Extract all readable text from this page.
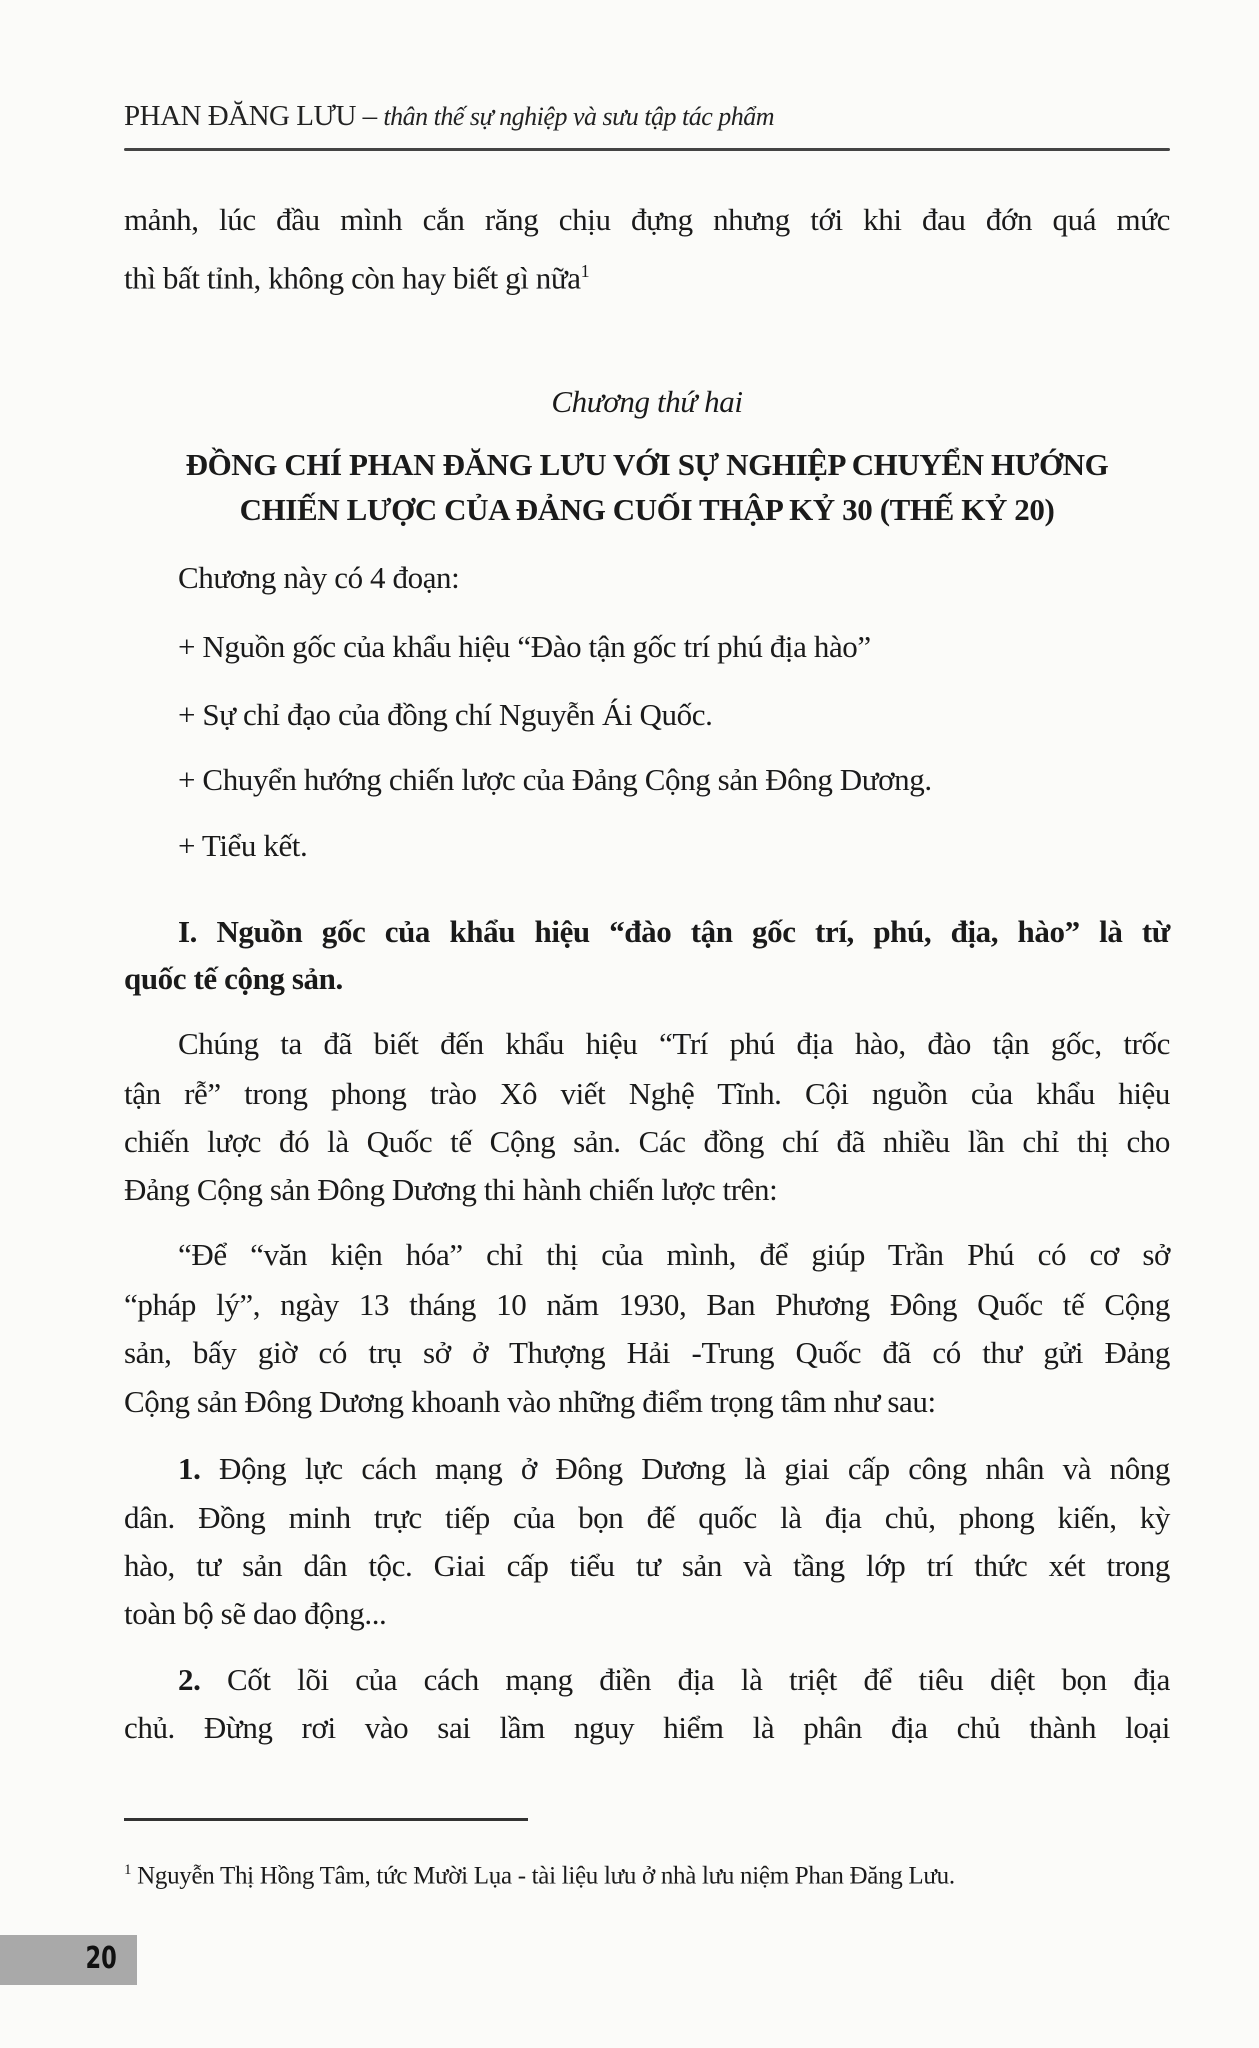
PHAN ĐĂNG LƯU – thân thế sự nghiệp và sưu tập tác phẩm
mảnh, lúc đầu mình cắn răng chịu đựng nhưng tới khi đau đớn quá mức
thì bất tỉnh, không còn hay biết gì nữa$^1$
Chương thứ hai
ĐỒNG CHÍ PHAN ĐĂNG LƯU VỚI SỰ NGHIỆP CHUYỂN HƯỚNG
CHIẾN LƯỢC CỦA ĐẢNG CUỐI THẬP KỶ 30 (THẾ KỶ 20)
Chương này có 4 đoạn:
+ Nguồn gốc của khẩu hiệu “Đào tận gốc trí phú địa hào”
+ Sự chỉ đạo của đồng chí Nguyễn Ái Quốc.
+ Chuyển hướng chiến lược của Đảng Cộng sản Đông Dương.
+ Tiểu kết.
I. Nguồn gốc của khẩu hiệu “đào tận gốc trí, phú, địa, hào” là từ
quốc tế cộng sản.
Chúng ta đã biết đến khẩu hiệu “Trí phú địa hào, đào tận gốc, trốc
tận rễ” trong phong trào Xô viết Nghệ Tĩnh. Cội nguồn của khẩu hiệu
chiến lược đó là Quốc tế Cộng sản. Các đồng chí đã nhiều lần chỉ thị cho
Đảng Cộng sản Đông Dương thi hành chiến lược trên:
“Để “văn kiện hóa” chỉ thị của mình, để giúp Trần Phú có cơ sở
“pháp lý”, ngày 13 tháng 10 năm 1930, Ban Phương Đông Quốc tế Cộng
sản, bấy giờ có trụ sở ở Thượng Hải -Trung Quốc đã có thư gửi Đảng
Cộng sản Đông Dương khoanh vào những điểm trọng tâm như sau:
1. Động lực cách mạng ở Đông Dương là giai cấp công nhân và nông
dân. Đồng minh trực tiếp của bọn đế quốc là địa chủ, phong kiến, kỳ
hào, tư sản dân tộc. Giai cấp tiểu tư sản và tầng lớp trí thức xét trong
toàn bộ sẽ dao động...
2. Cốt lõi của cách mạng điền địa là triệt để tiêu diệt bọn địa
chủ. Đừng rơi vào sai lầm nguy hiểm là phân địa chủ thành loại
$^1$ Nguyễn Thị Hồng Tâm, tức Mười Lụa - tài liệu lưu ở nhà lưu niệm Phan Đăng Lưu.
20
